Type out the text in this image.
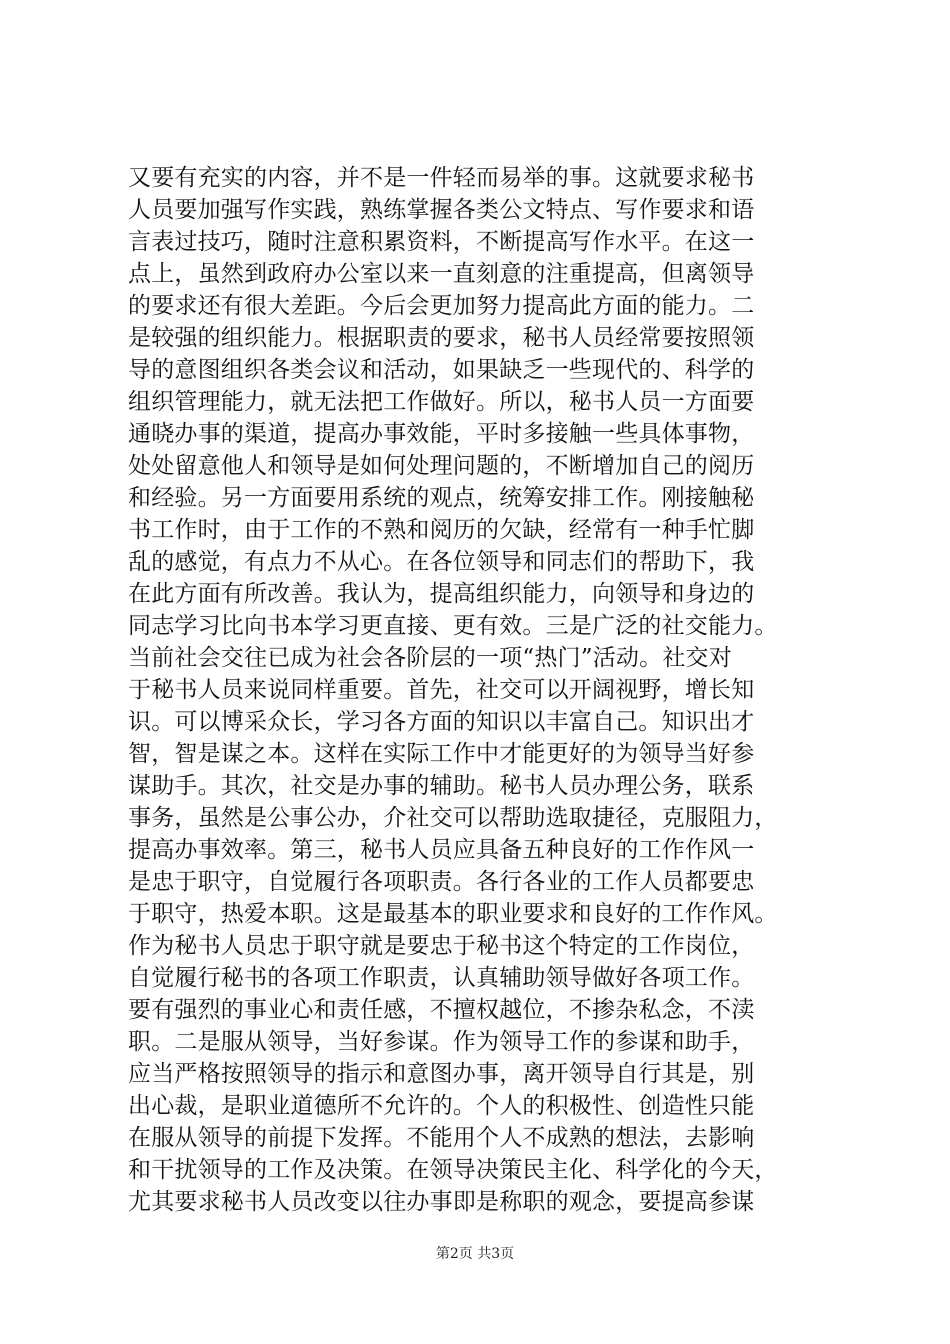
又要有充实的内容，并不是一件轻而易举的事。这就要求秘书
人员要加强写作实践，熟练掌握各类公文特点、写作要求和语
言表过技巧，随时注意积累资料，不断提高写作水平。在这一
点上，虽然到政府办公室以来一直刻意的注重提高，但离领导
的要求还有很大差距。今后会更加努力提高此方面的能力。二
是较强的组织能力。根据职责的要求，秘书人员经常要按照领
导的意图组织各类会议和活动，如果缺乏一些现代的、科学的
组织管理能力，就无法把工作做好。所以，秘书人员一方面要
通晓办事的渠道，提高办事效能，平时多接触一些具体事物，
处处留意他人和领导是如何处理问题的，不断增加自己的阅历
和经验。另一方面要用系统的观点，统筹安排工作。刚接触秘
书工作时，由于工作的不熟和阅历的欠缺，经常有一种手忙脚
乱的感觉，有点力不从心。在各位领导和同志们的帮助下，我
在此方面有所改善。我认为，提高组织能力，向领导和身边的
同志学习比向书本学习更直接、更有效。三是广泛的社交能力。
当前社会交往已成为社会各阶层的一项“热门”活动。社交对
于秘书人员来说同样重要。首先，社交可以开阔视野，增长知
识。可以博采众长，学习各方面的知识以丰富自己。知识出才
智，智是谋之本。这样在实际工作中才能更好的为领导当好参
谋助手。其次，社交是办事的辅助。秘书人员办理公务，联系
事务，虽然是公事公办，介社交可以帮助选取捷径，克服阻力，
提高办事效率。第三，秘书人员应具备五种良好的工作作风一
是忠于职守，自觉履行各项职责。各行各业的工作人员都要忠
于职守，热爱本职。这是最基本的职业要求和良好的工作作风。
作为秘书人员忠于职守就是要忠于秘书这个特定的工作岗位，
自觉履行秘书的各项工作职责，认真辅助领导做好各项工作。
要有强烈的事业心和责任感，不擅权越位，不掺杂私念，不渎
职。二是服从领导，当好参谋。作为领导工作的参谋和助手，
应当严格按照领导的指示和意图办事，离开领导自行其是，别
出心裁，是职业道德所不允许的。个人的积极性、创造性只能
在服从领导的前提下发挥。不能用个人不成熟的想法，去影响
和干扰领导的工作及决策。在领导决策民主化、科学化的今天，
尤其要求秘书人员改变以往办事即是称职的观念，要提高参谋
第2页 共3页
